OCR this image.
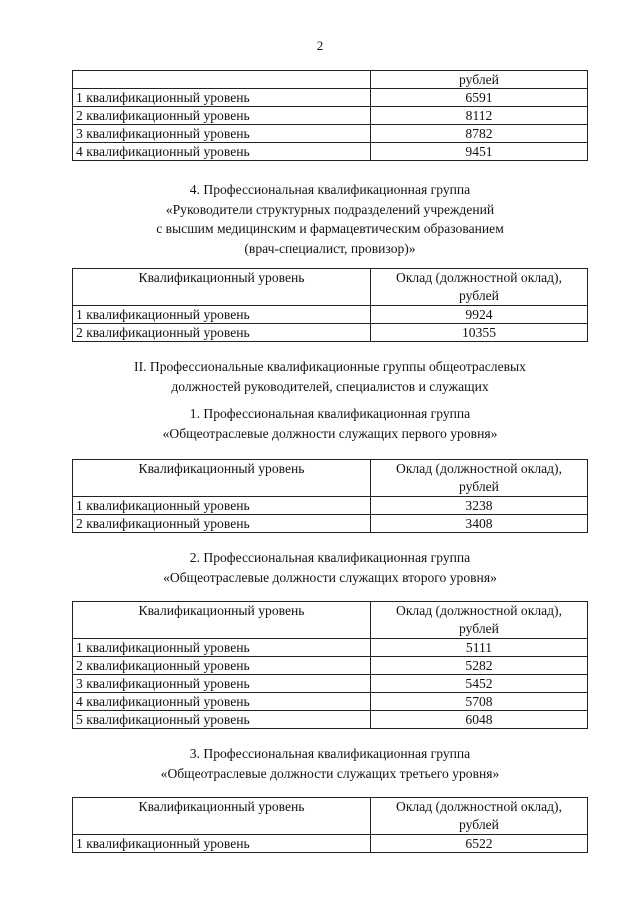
2
	рублей
1 квалификационный уровень	6591
2 квалификационный уровень	8112
3 квалификационный уровень	8782
4 квалификационный уровень	9451
4. Профессиональная квалификационная группа
«Руководители структурных подразделений учреждений
с высшим медицинским и фармацевтическим образованием
(врач-специалист, провизор)»
Квалификационный уровень	Оклад (должностной оклад),
рублей

1 квалификационный уровень	9924
2 квалификационный уровень	10355
II. Профессиональные квалификационные группы общеотраслевых
должностей руководителей, специалистов и служащих
1. Профессиональная квалификационная группа
«Общеотраслевые должности служащих первого уровня»
Квалификационный уровень	Оклад (должностной оклад),
рублей

1 квалификационный уровень	3238
2 квалификационный уровень	3408
2. Профессиональная квалификационная группа
«Общеотраслевые должности служащих второго уровня»
Квалификационный уровень	Оклад (должностной оклад),
рублей

1 квалификационный уровень	5111
2 квалификационный уровень	5282
3 квалификационный уровень	5452
4 квалификационный уровень	5708
5 квалификационный уровень	6048
3. Профессиональная квалификационная группа
«Общеотраслевые должности служащих третьего уровня»
Квалификационный уровень	Оклад (должностной оклад),
рублей

1 квалификационный уровень	6522
